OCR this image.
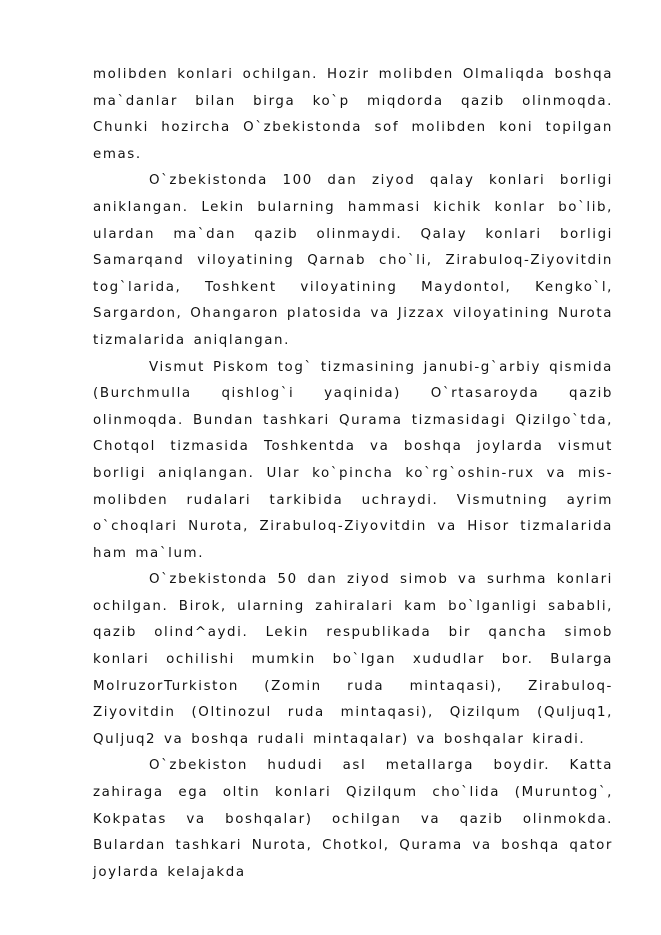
molibden konlari ochilgan. Hozir molibden Olmaliqda boshqa ma`danlar bilan birga ko`p miqdorda qazib olinmoqda. Chunki hozircha O`zbekistonda sof molibden koni topilgan emas.

O`zbekistonda 100 dan ziyod qalay konlari borligi aniklangan. Lekin bularning hammasi kichik konlar bo`lib, ulardan ma`dan qazib olinmaydi. Qalay konlari borligi Samarqand viloyatining Qarnab cho`li, Zirabuloq-Ziyovitdin tog`larida, Toshkent viloyatining Maydontol, Kengko`l, Sargardon, Ohangaron platosida va Jizzax viloyatining Nurota tizmalarida aniqlangan.

Vismut Piskom tog` tizmasining janubi-g`arbiy qismida (Burchmulla qishlog`i yaqinida) O`rtasaroyda qazib olinmoqda. Bundan tashkari Qurama tizmasidagi Qizilgo`tda, Chotqol tizmasida Toshkentda va boshqa joylarda vismut borligi aniqlangan. Ular ko`pincha ko`rg`oshin-rux va mis-molibden rudalari tarkibida uchraydi. Vismutning ayrim o`choqlari Nurota, Zirabuloq-Ziyovitdin va Hisor tizmalarida ham ma`lum.

O`zbekistonda 50 dan ziyod simob va surhma konlari ochilgan. Birok, ularning zahiralari kam bo`lganligi sababli, qazib olind^aydi. Lekin respublikada bir qancha simob konlari ochilishi mumkin bo`lgan xududlar bor. Bularga MolruzorTurkiston (Zomin ruda mintaqasi), Zirabuloq-Ziyovitdin (Oltinozul ruda mintaqasi), Qizilqum (Quljuq1, Quljuq2 va boshqa rudali mintaqalar) va boshqalar kiradi.

O`zbekiston hududi asl metallarga boydir. Katta zahiraga ega oltin konlari Qizilqum cho`lida (Muruntog`, Kokpatas va boshqalar) ochilgan va qazib olinmokda. Bulardan tashkari Nurota, Chotkol, Qurama va boshqa qator joylarda kelajakda
